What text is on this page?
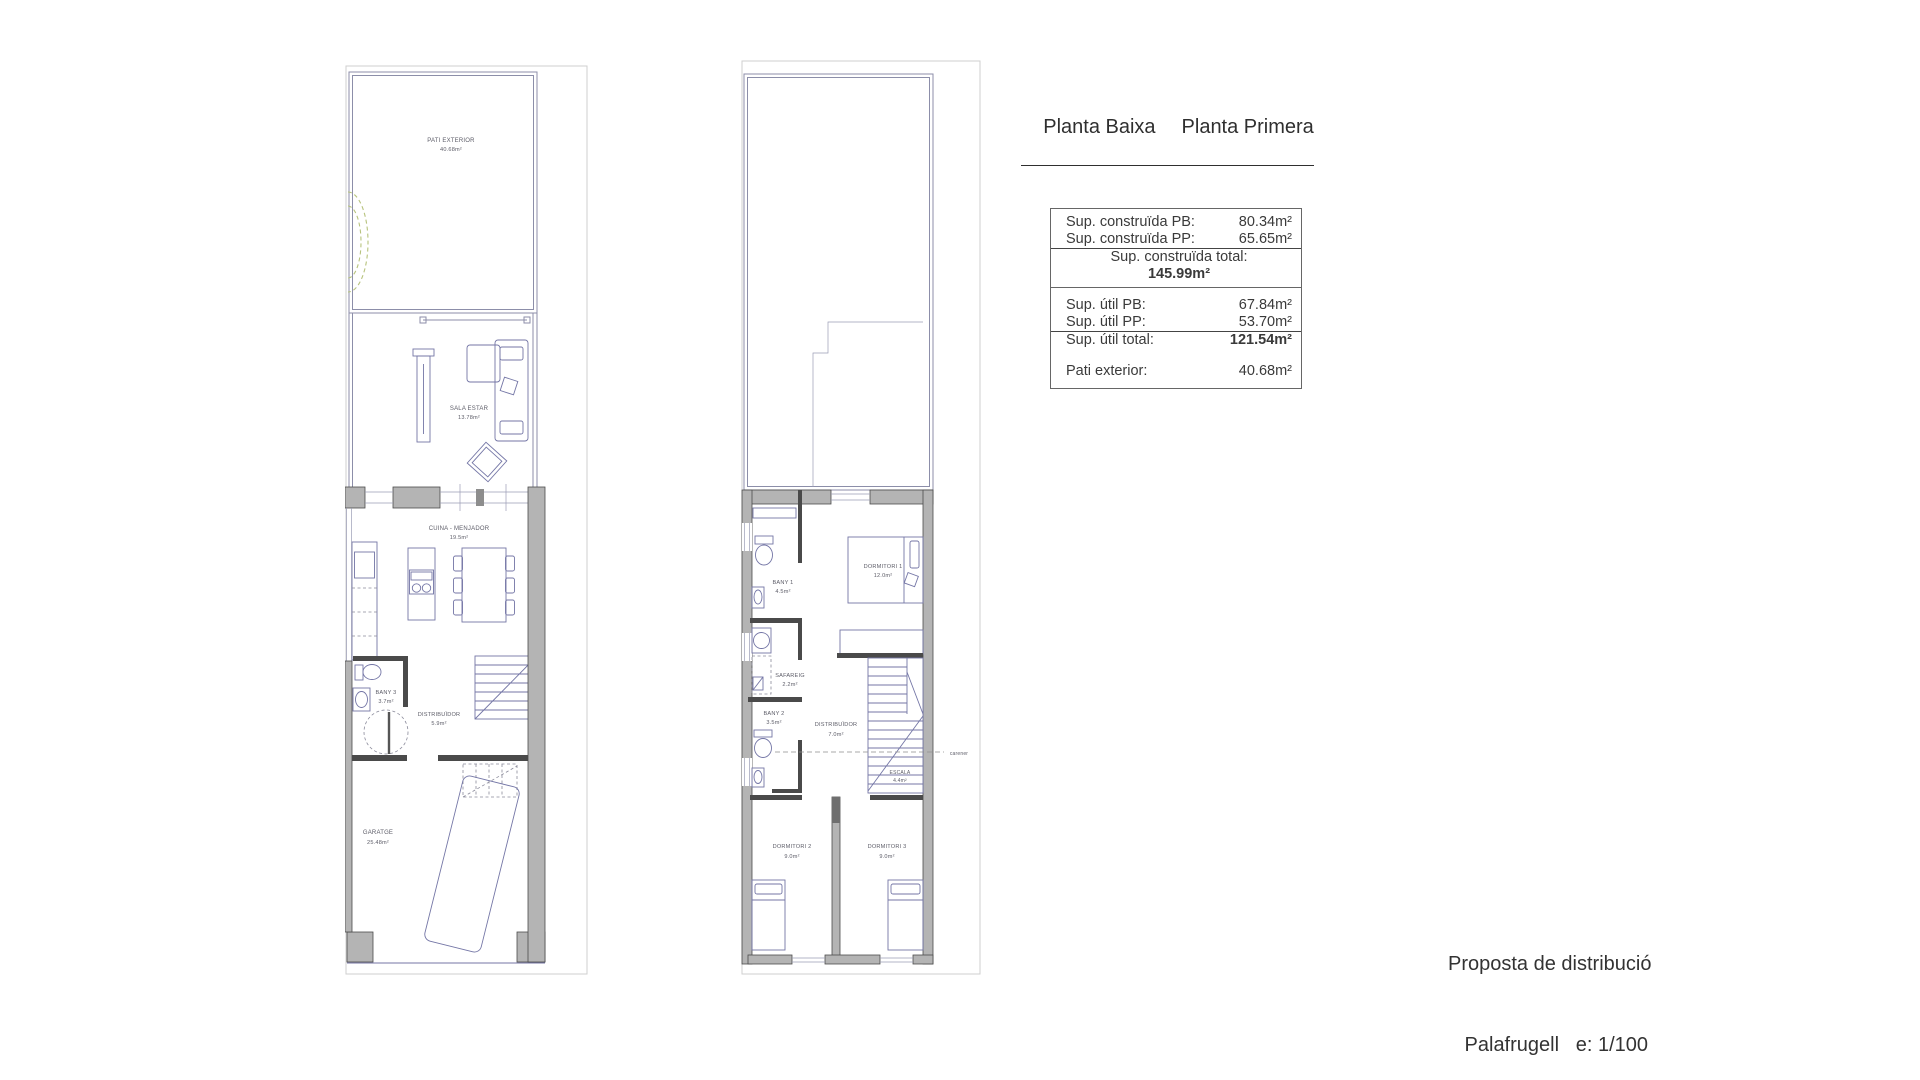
PATI EXTERIOR
40.68m²
SALA ESTAR
13.78m²
CUINA - MENJADOR
19.5m²
BANY 3
3.7m²
DISTRIBUÏDOR
5.9m²
GARATGE
25.48m²
BANY 1
4.5m²
DORMITORI 1
12.0m²
SAFAREIG
2.2m²
BANY 2
3.5m²	DISTRIBUÏDOR
7.0m²
ESCALA
4.4m²
carener
DORMITORI 2
9.0m²
DORMITORI 3
9.0m²

Planta Baixa Planta Primera

Sup. construïda PB:	80.34m²
Sup. construïda PP:	65.65m²
Sup. construïda total:
145.99m²
Sup. útil PB:	67.84m²
Sup. útil PP:	53.70m²
Sup. útil total:	121.54m²
Pati exterior:	40.68m²

Proposta de distribució

Palafrugell   e: 1/100
